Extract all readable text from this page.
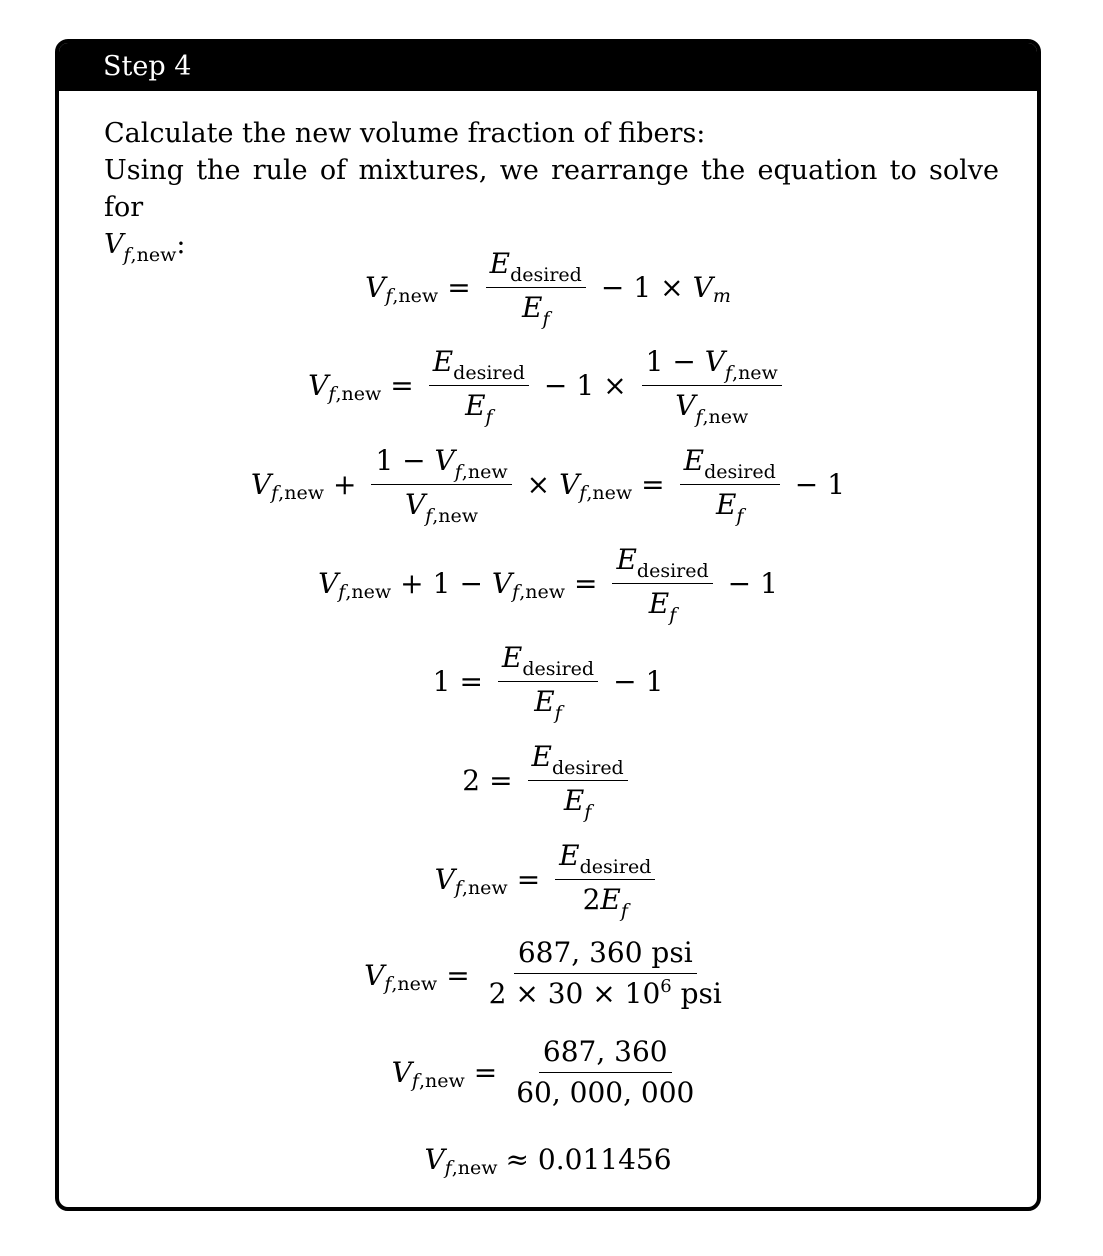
Step 4

Calculate the new volume fraction of fibers:

Using the rule of mixtures, we rearrange the equation to solve for

$V_{f,new}$:

V $f,new = \frac{E_{desired}}{E_f} - 1 \times V$ m
V $f,new = \frac{E_{desired}}{E_f} - 1 \times \frac{1 - V_{f,new}}{V_{f,new}}$
V $f,new + \frac{1 - V_{f,new}}{V_{f,new}} \times V$ $f,new = \frac{E_{desired}}{E_f} - 1$
V f,new + 1 − V $f,new = \frac{E_{desired}}{E_f} - 1$
$1 = \frac{E_{desired}}{E_f} - 1$
$2 = \frac{E_{desired}}{E_f}$
V $f,new = \frac{E_{desired}}{2E_f}$
V $f,new = \frac{\text{687, 360 psi}}{2 \times 30 \times 10^6 psi}$
V $f,new = \frac{687, 360}{60, 000, 000}$
V f,new ≈ 0.011456
